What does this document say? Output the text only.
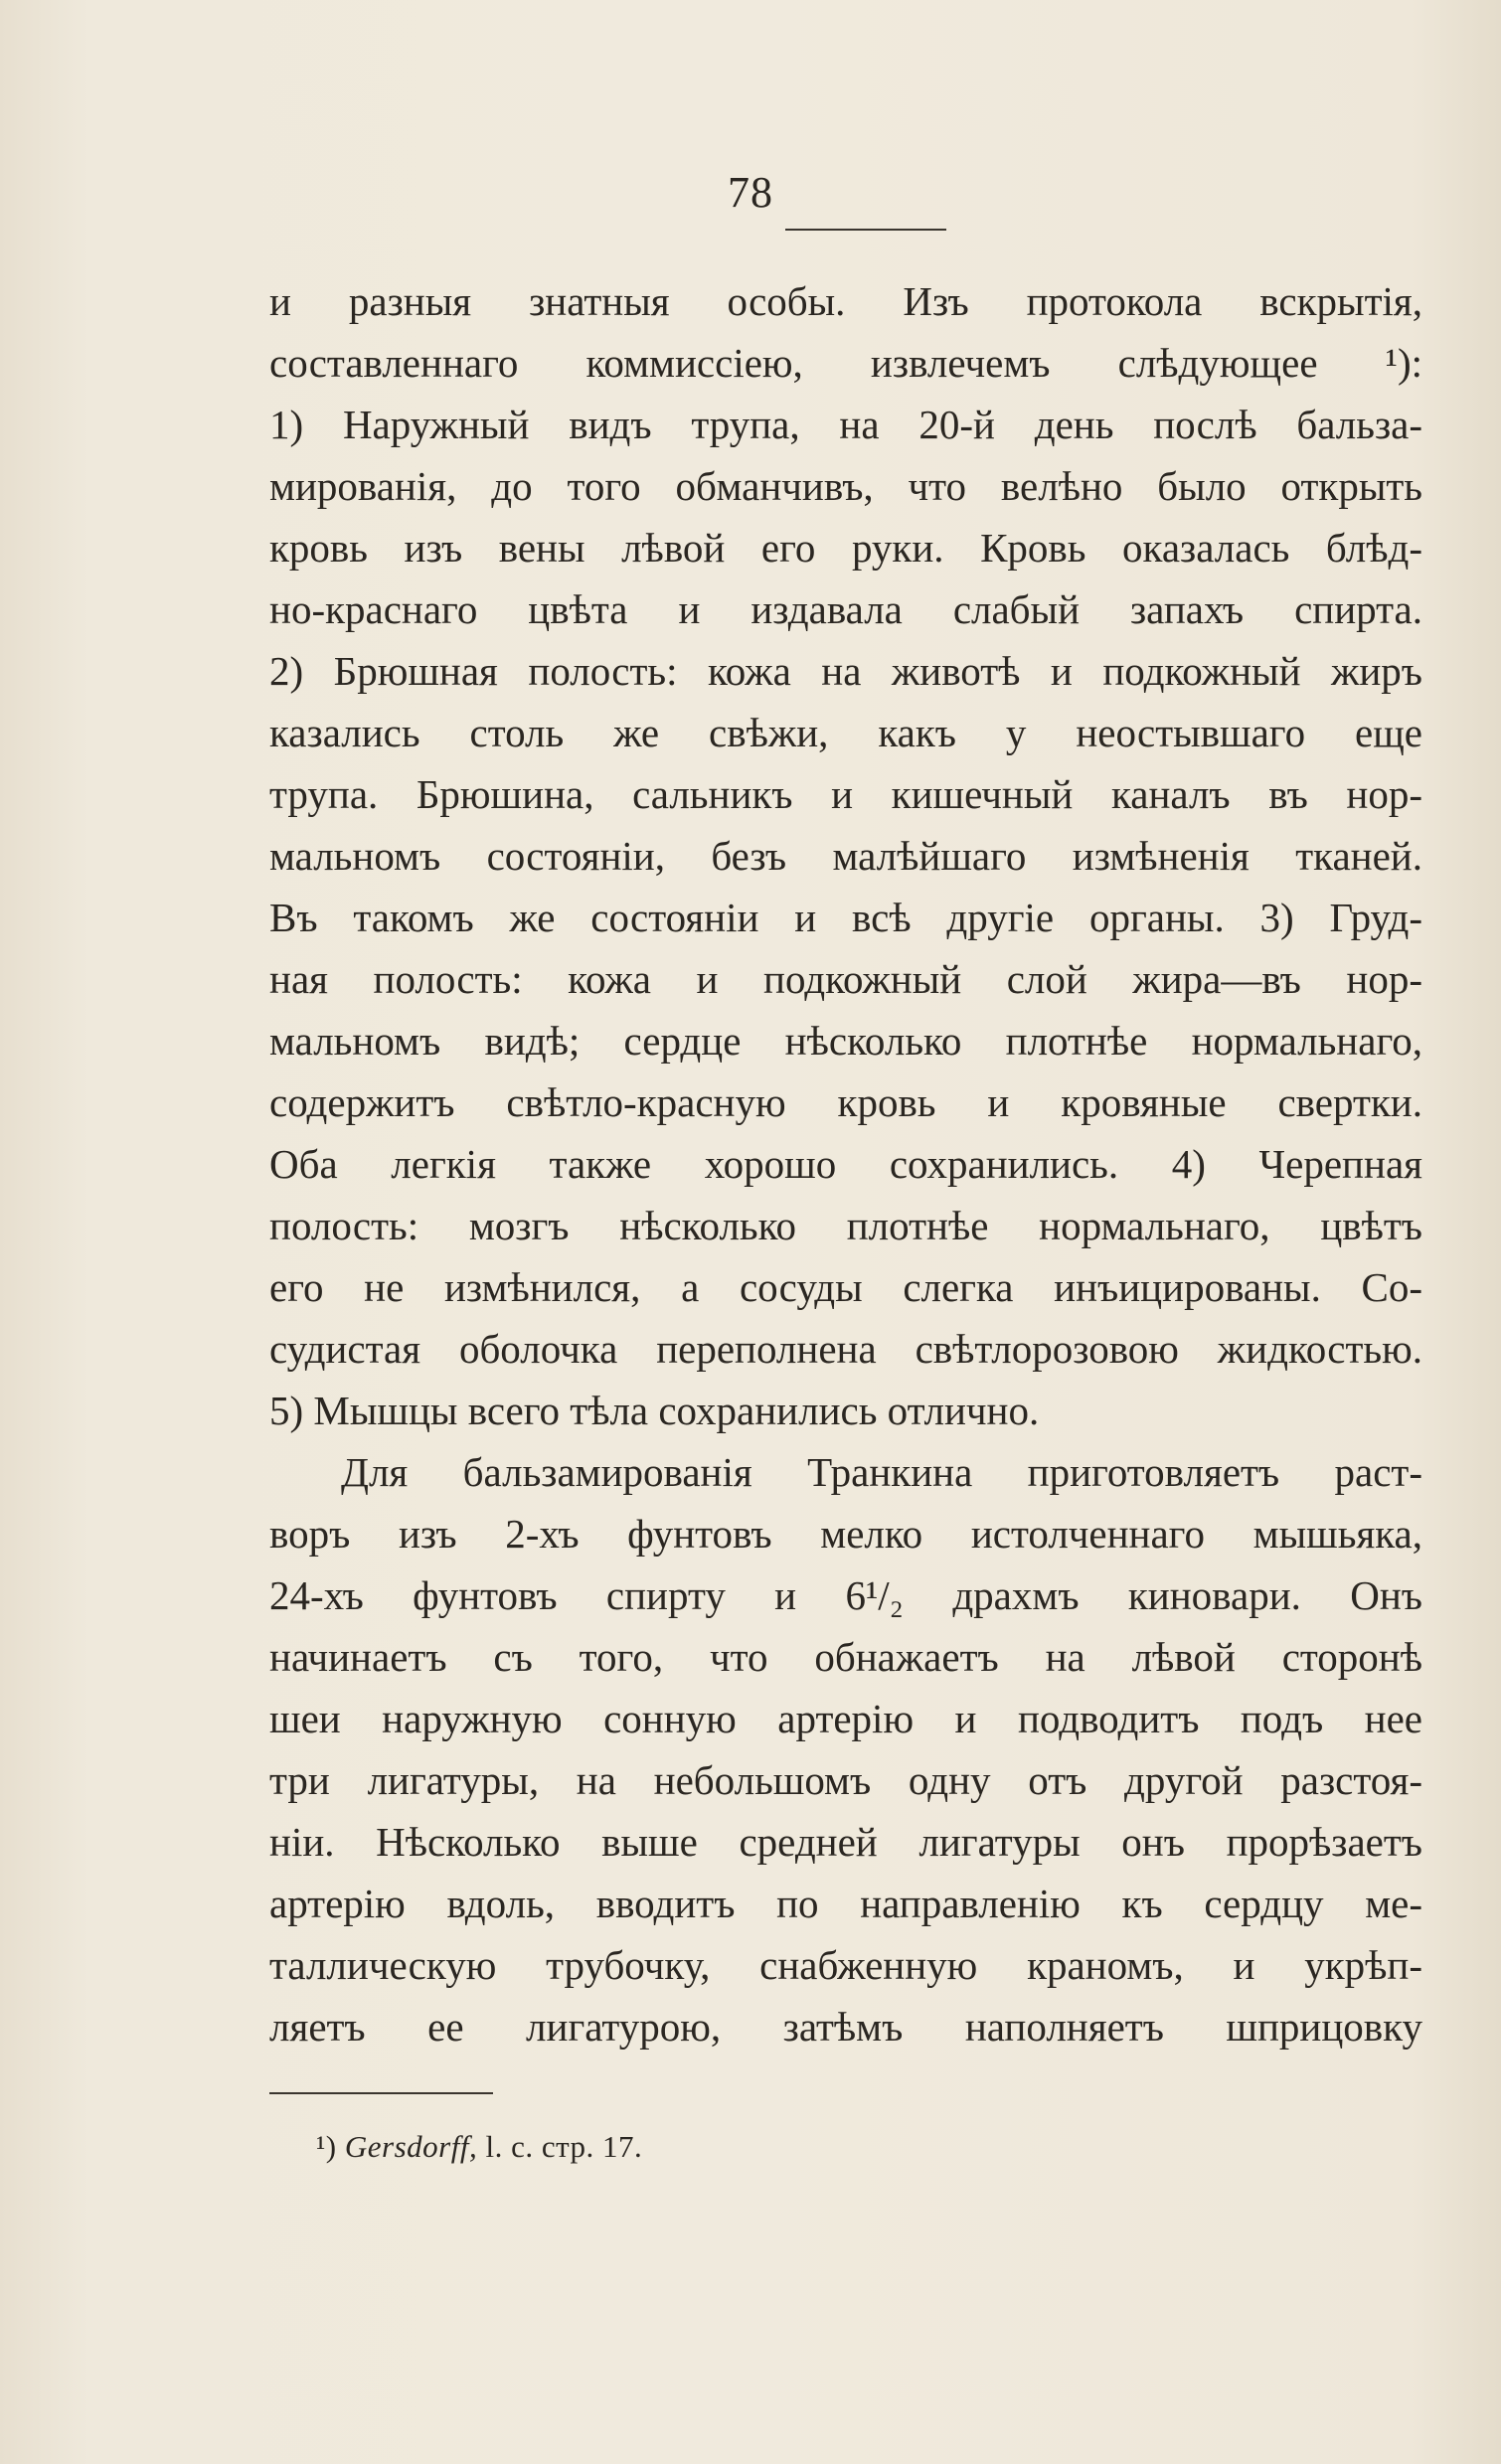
78
и разныя знатныя особы. Изъ протокола вскрытія,
составленнаго коммиссіею, извлечемъ слѣдующее ¹):
1) Наружный видъ трупа, на 20-й день послѣ бальза-
мированія, до того обманчивъ, что велѣно было открыть
кровь изъ вены лѣвой его руки. Кровь оказалась блѣд-
но-краснаго цвѣта и издавала слабый запахъ спирта.
2) Брюшная полость: кожа на животѣ и подкожный жиръ
казались столь же свѣжи, какъ у неостывшаго еще
трупа. Брюшина, сальникъ и кишечный каналъ въ нор-
мальномъ состояніи, безъ малѣйшаго измѣненія тканей.
Въ такомъ же состояніи и всѣ другіе органы. 3) Груд-
ная полость: кожа и подкожный слой жира—въ нор-
мальномъ видѣ; сердце нѣсколько плотнѣе нормальнаго,
содержитъ свѣтло-красную кровь и кровяные свертки.
Оба легкія также хорошо сохранились. 4) Черепная
полость: мозгъ нѣсколько плотнѣе нормальнаго, цвѣтъ
его не измѣнился, а сосуды слегка инъицированы. Со-
судистая оболочка переполнена свѣтлорозовою жидкостью.
5) Мышцы всего тѣла сохранились отлично.
Для бальзамированія Транкина приготовляетъ раст-
воръ изъ 2-хъ фунтовъ мелко истолченнаго мышьяка,
24-хъ фунтовъ спирту и 6¹/₂ драхмъ киновари. Онъ
начинаетъ съ того, что обнажаетъ на лѣвой сторонѣ
шеи наружную сонную артерію и подводитъ подъ нее
три лигатуры, на небольшомъ одну отъ другой разстоя-
ніи. Нѣсколько выше средней лигатуры онъ прорѣзаетъ
артерію вдоль, вводитъ по направленію къ сердцу ме-
таллическую трубочку, снабженную краномъ, и укрѣп-
ляетъ ее лигатурою, затѣмъ наполняетъ шприцовку
¹) Gersdorff, l. c. стр. 17.
